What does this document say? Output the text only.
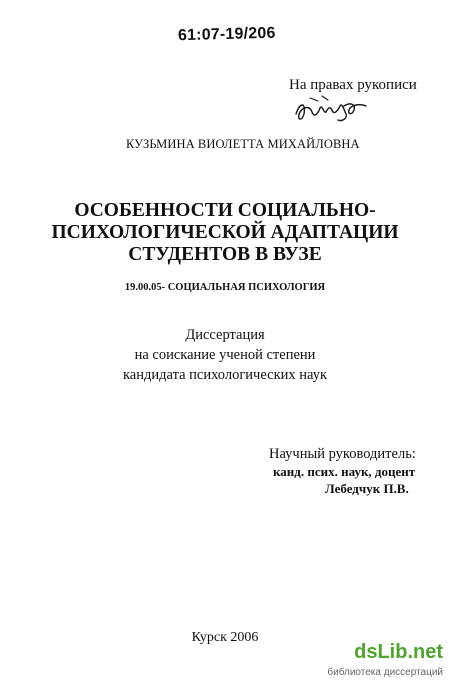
61:07-19/206
На правах рукописи
КУЗЬМИНА ВИОЛЕТТА МИХАЙЛОВНА
ОСОБЕННОСТИ СОЦИАЛЬНО-
ПСИХОЛОГИЧЕСКОЙ АДАПТАЦИИ
СТУДЕНТОВ В ВУЗЕ
19.00.05- СОЦИАЛЬНАЯ ПСИХОЛОГИЯ
Диссертация
на соискание ученой степени
кандидата психологических наук
Научный руководитель:
канд. псих. наук, доцент
Лебедчук П.В.
Курск 2006
dsLib.net
библиотека диссертаций
